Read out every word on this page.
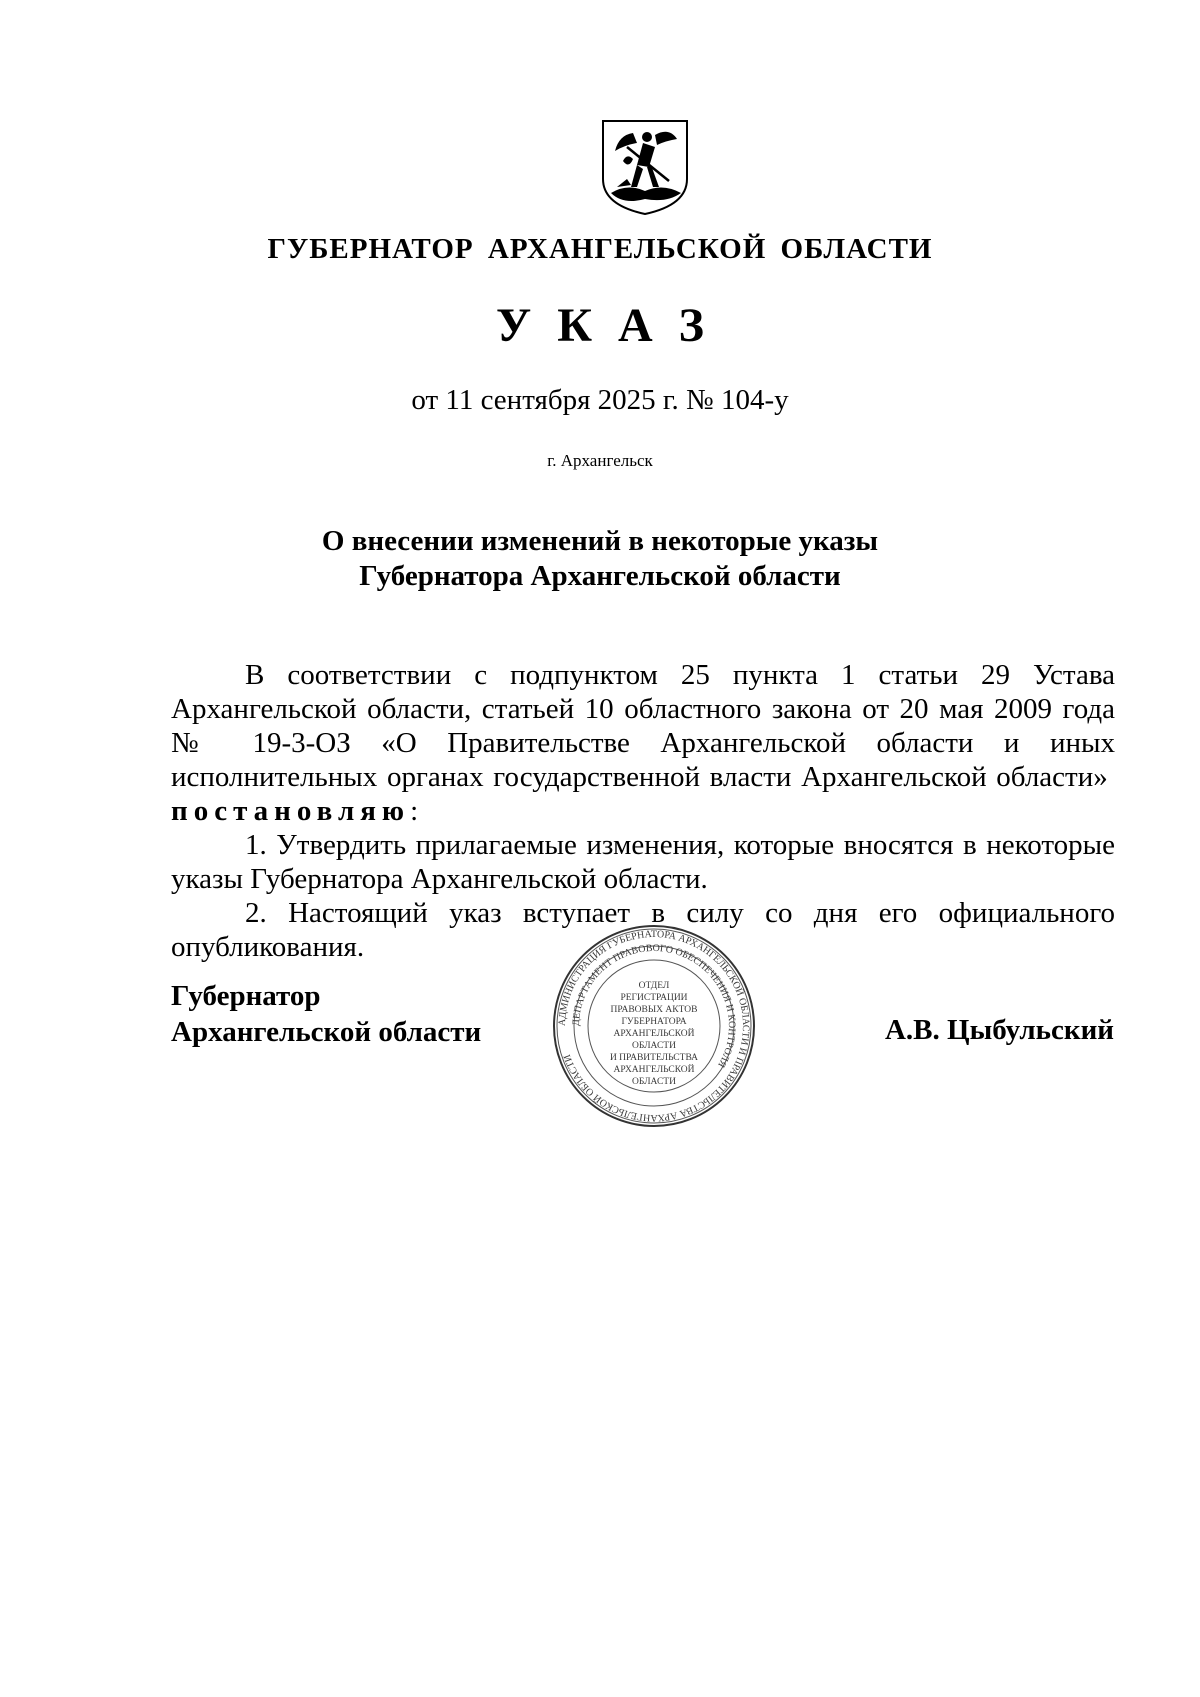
ГУБЕРНАТОР АРХАНГЕЛЬСКОЙ ОБЛАСТИ
У К А З
от 11 сентября 2025 г. № 104-у
г. Архангельск
О внесении изменений в некоторые указы
Губернатора Архангельской области

В соответствии с подпунктом 25 пункта 1 статьи 29 Устава Архангельской области, статьей 10 областного закона от 20 мая 2009 года № 19-3-ОЗ «О Правительстве Архангельской области и иных исполнительных органах государственной власти Архангельской области»  постановляю:

1. Утвердить прилагаемые изменения, которые вносятся в некоторые указы Губернатора Архангельской области.

2. Настоящий указ вступает в силу со дня его официального опубликования.

Губернатор
Архангельской области	А.В. Цыбульский
АДМИНИСТРАЦИЯ ГУБЕРНАТОРА АРХАНГЕЛЬСКОЙ ОБЛАСТИ И ПРАВИТЕЛЬСТВА АРХАНГЕЛЬСКОЙ ОБЛАСТИ
ДЕПАРТАМЕНТ ПРАВОВОГО ОБЕСПЕЧЕНИЯ И КОНТРОЛЯ
ОТДЕЛ
РЕГИСТРАЦИИ
ПРАВОВЫХ АКТОВ
ГУБЕРНАТОРА
АРХАНГЕЛЬСКОЙ
ОБЛАСТИ
И ПРАВИТЕЛЬСТВА
АРХАНГЕЛЬСКОЙ
ОБЛАСТИ
